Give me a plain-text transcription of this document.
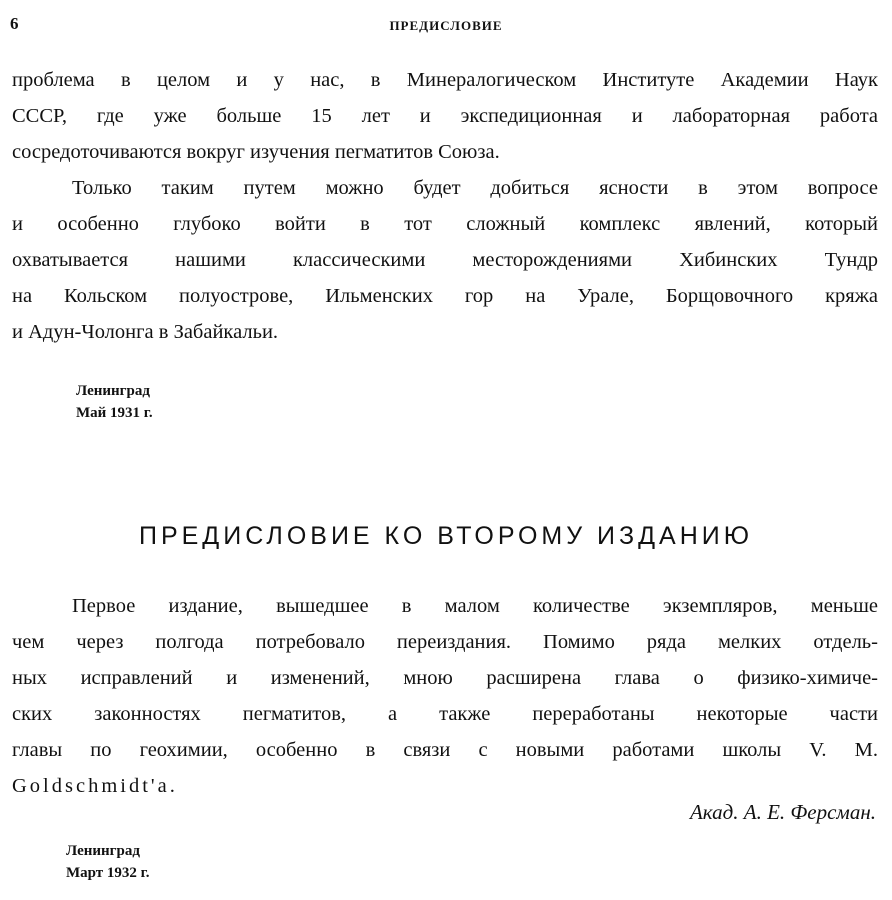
6	ПРЕДИСЛОВИЕ
проблема в целом и у нас, в Минералогическом Институте Академии Наук
СССР, где уже больше 15 лет и экспедиционная и лабораторная работа
сосредоточиваются вокруг изучения пегматитов Союза.
Только таким путем можно будет добиться ясности в этом вопросе
и особенно глубоко войти в тот сложный комплекс явлений, который
охватывается нашими классическими месторождениями Хибинских Тундр
на Кольском полуострове, Ильменских гор на Урале, Борщовочного кряжа
и Адун-Чолонга в Забайкальи.
Ленинград
Май 1931 г.
ПРЕДИСЛОВИЕ КО ВТОРОМУ ИЗДАНИЮ
Первое издание, вышедшее в малом количестве экземпляров, меньше
чем через полгода потребовало переиздания. Помимо ряда мелких отдель-
ных исправлений и изменений, мною расширена глава о физико-химиче-
ских законностях пегматитов, а также переработаны некоторые части
главы по геохимии, особенно в связи с новыми работами школы V. M.
Goldschmidt'a.
Акад. А. Е. Ферсман.
Ленинград
Март 1932 г.
